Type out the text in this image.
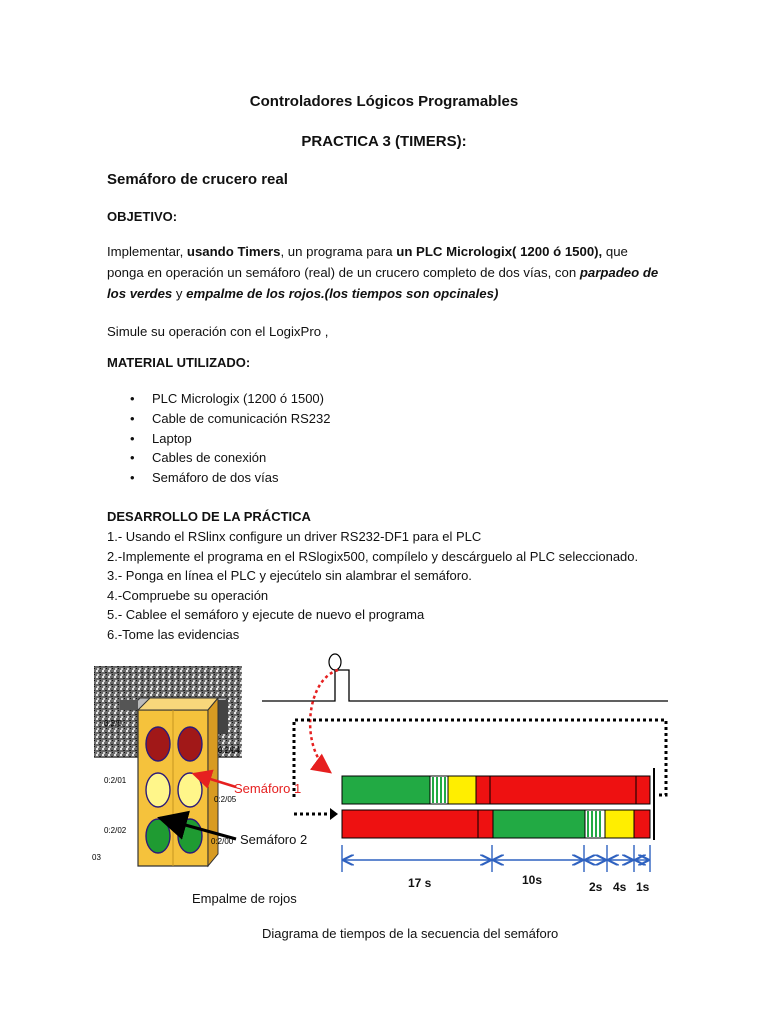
Controladores Lógicos Programables
PRACTICA 3 (TIMERS):
Semáforo de crucero real
OBJETIVO:
Implementar, usando Timers, un programa para un PLC Micrologix( 1200 ó 1500), que ponga en operación un semáforo (real) de un crucero completo de dos vías, con parpadeo de los verdes y empalme de los rojos.(los tiempos son opcinales)
Simule su operación con el LogixPro ,
MATERIAL UTILIZADO:
• PLC Micrologix (1200 ó 1500)
• Cable de comunicación RS232
• Laptop
• Cables de conexión
• Semáforo de dos vías
DESARROLLO DE LA PRÁCTICA
1.- Usando el RSlinx configure un driver RS232-DF1 para el PLC
2.-Implemente el programa en el RSlogix500, compílelo y descárguelo al PLC seleccionado.
3.- Ponga en línea el PLC y ejecútelo sin alambrar el semáforo.
4.-Compruebe su operación
5.- Cablee el semáforo y ejecute de nuevo el programa
6.-Tome las evidencias
0:2/0
0:2/01
0:2/02
0:2/04
0:2/05
0:2/00
03
Semáforo 1
Semáforo 2
Empalme de rojos
Diagrama de tiempos de la secuencia del semáforo
17 s	10s	2s 4s 1s
